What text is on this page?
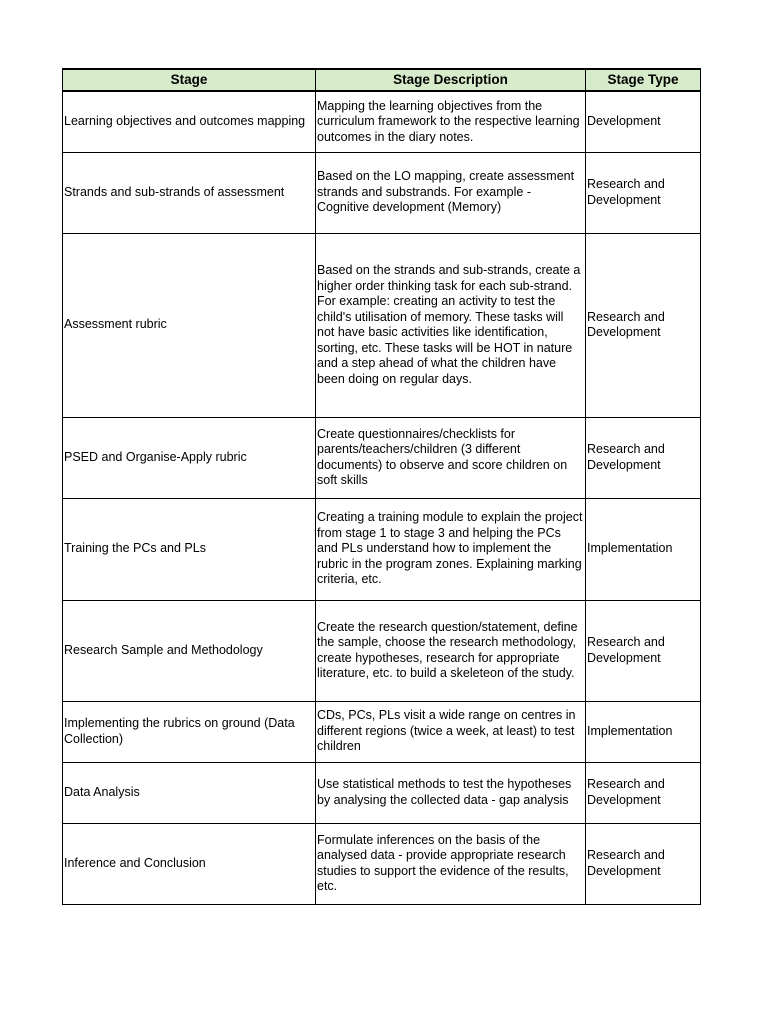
Stage	Stage Description	Stage Type
Learning objectives and outcomes mapping	Mapping the learning objectives from the curriculum framework to the respective learning outcomes in the diary notes.	Development
Strands and sub-strands of assessment	Based on the LO mapping, create assessment strands and substrands. For example - Cognitive development (Memory)	Research and Development
Assessment rubric	Based on the strands and sub-strands, create a higher order thinking task for each sub-strand. For example: creating an activity to test the child's utilisation of memory. These tasks will not have basic activities like identification, sorting, etc. These tasks will be HOT in nature and a step ahead of what the children have been doing on regular days.	Research and Development
PSED and Organise-Apply rubric	Create questionnaires/checklists for parents/teachers/children (3 different documents) to observe and score children on soft skills	Research and Development
Training the PCs and PLs	Creating a training module to explain the project from stage 1 to stage 3 and helping the PCs and PLs understand how to implement the rubric in the program zones. Explaining marking criteria, etc.	Implementation
Research Sample and Methodology	Create the research question/statement, define the sample, choose the research methodology, create hypotheses, research for appropriate literature, etc. to build a skeleteon of the study.	Research and Development
Implementing the rubrics on ground (Data Collection)	CDs, PCs, PLs visit a wide range on centres in different regions (twice a week, at least) to test children	Implementation
Data Analysis	Use statistical methods to test the hypotheses by analysing the collected data - gap analysis	Research and Development
Inference and Conclusion	Formulate inferences on the basis of the analysed data - provide appropriate research studies to support the evidence of the results, etc.	Research and Development
